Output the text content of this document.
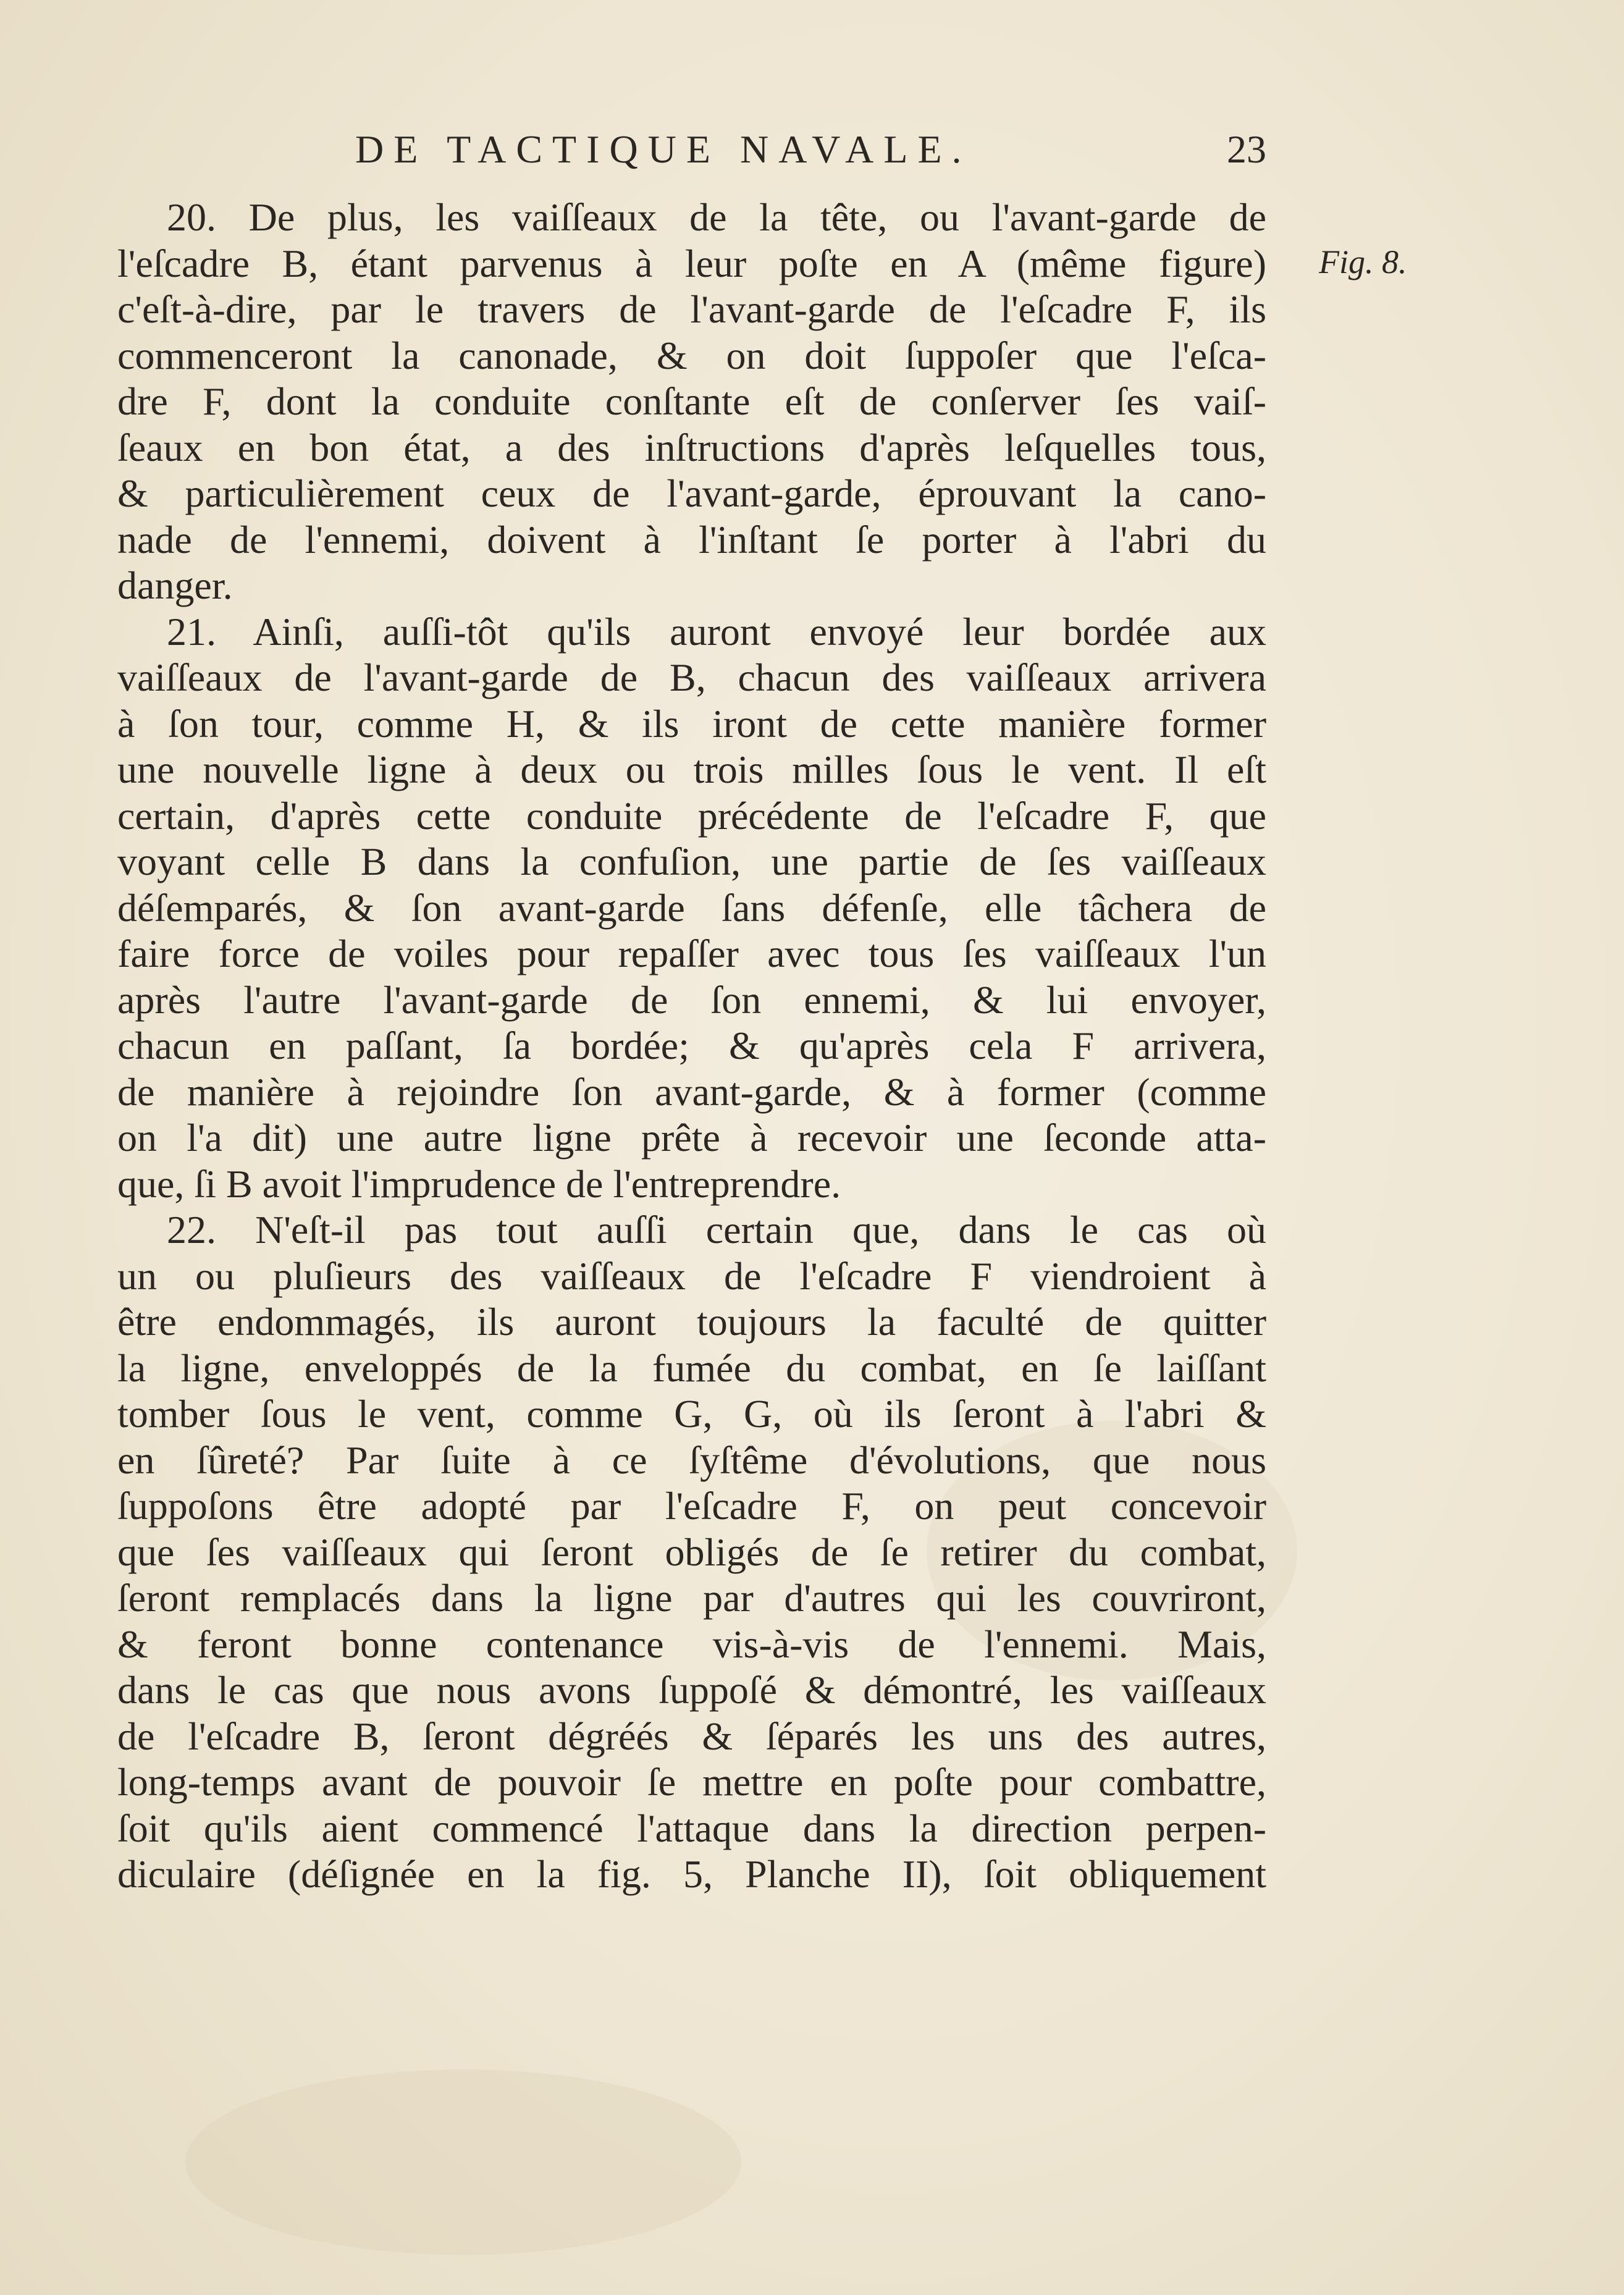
DE TACTIQUE NAVALE.	23
Fig. 8.
20. De plus, les vaiſſeaux de la tête, ou l'avant-garde de
l'eſcadre B, étant parvenus à leur poſte en A (même figure)
c'eſt-à-dire, par le travers de l'avant-garde de l'eſcadre F, ils
commenceront la canonade, & on doit ſuppoſer que l'eſca-
dre F, dont la conduite conſtante eſt de conſerver ſes vaiſ-
ſeaux en bon état, a des inſtructions d'après leſquelles tous,
& particulièrement ceux de l'avant-garde, éprouvant la cano-
nade de l'ennemi, doivent à l'inſtant ſe porter à l'abri du
danger.
21. Ainſi, auſſi-tôt qu'ils auront envoyé leur bordée aux
vaiſſeaux de l'avant-garde de B, chacun des vaiſſeaux arrivera
à ſon tour, comme H, & ils iront de cette manière former
une nouvelle ligne à deux ou trois milles ſous le vent. Il eſt
certain, d'après cette conduite précédente de l'eſcadre F, que
voyant celle B dans la confuſion, une partie de ſes vaiſſeaux
déſemparés, & ſon avant-garde ſans défenſe, elle tâchera de
faire force de voiles pour repaſſer avec tous ſes vaiſſeaux l'un
après l'autre l'avant-garde de ſon ennemi, & lui envoyer,
chacun en paſſant, ſa bordée; & qu'après cela F arrivera,
de manière à rejoindre ſon avant-garde, & à former (comme
on l'a dit) une autre ligne prête à recevoir une ſeconde atta-
que, ſi B avoit l'imprudence de l'entreprendre.
22. N'eſt-il pas tout auſſi certain que, dans le cas où
un ou pluſieurs des vaiſſeaux de l'eſcadre F viendroient à
être endommagés, ils auront toujours la faculté de quitter
la ligne, enveloppés de la fumée du combat, en ſe laiſſant
tomber ſous le vent, comme G, G, où ils ſeront à l'abri &
en ſûreté? Par ſuite à ce ſyſtême d'évolutions, que nous
ſuppoſons être adopté par l'eſcadre F, on peut concevoir
que ſes vaiſſeaux qui ſeront obligés de ſe retirer du combat,
ſeront remplacés dans la ligne par d'autres qui les couvriront,
& feront bonne contenance vis-à-vis de l'ennemi. Mais,
dans le cas que nous avons ſuppoſé & démontré, les vaiſſeaux
de l'eſcadre B, ſeront dégréés & ſéparés les uns des autres,
long-temps avant de pouvoir ſe mettre en poſte pour combattre,
ſoit qu'ils aient commencé l'attaque dans la direction perpen-
diculaire (déſignée en la fig. 5, Planche II), ſoit obliquement
